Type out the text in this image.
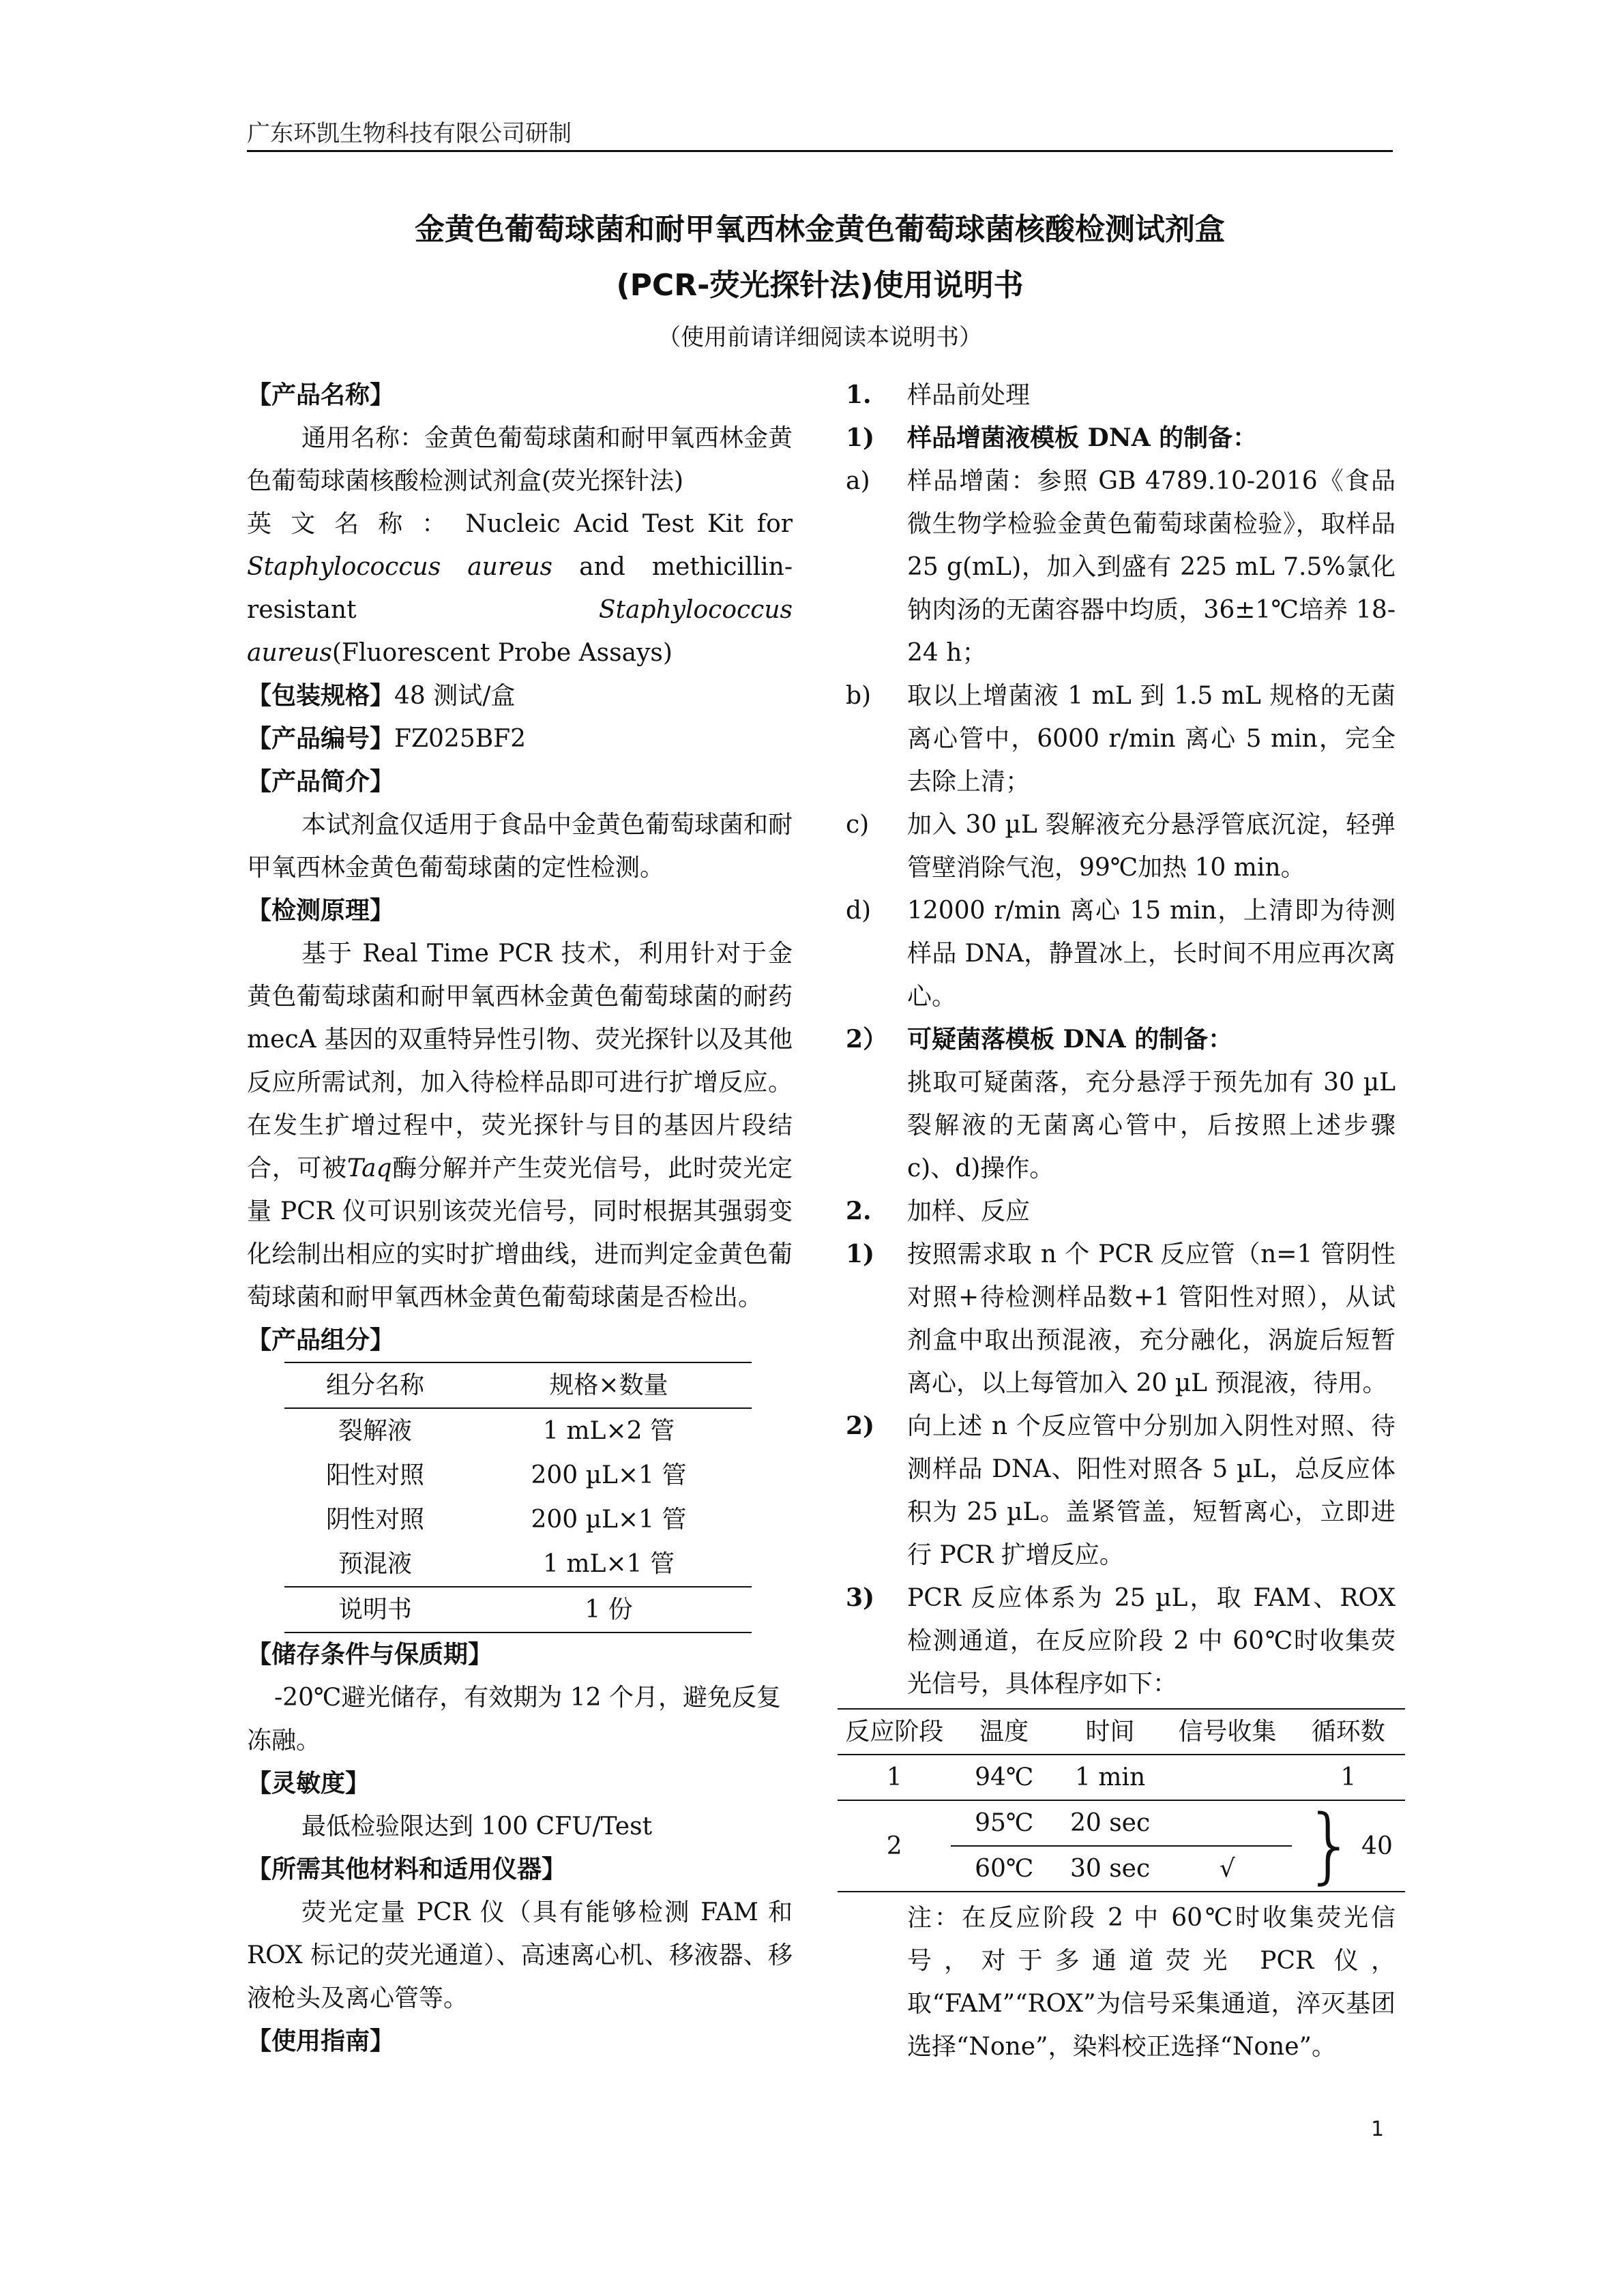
广东环凯生物科技有限公司研制
金黄色葡萄球菌和耐甲氧西林金黄色葡萄球菌核酸检测试剂盒
(PCR-荧光探针法)使用说明书
（使用前请详细阅读本说明书）

【产品名称】

通用名称：金黄色葡萄球菌和耐甲氧西林金黄色葡萄球菌核酸检测试剂盒(荧光探针法)

英 文 名 称 ： Nucleic Acid Test Kit for Staphylococcus aureus and methicillin-resistant	Staphylococcus aureus(Fluorescent Probe Assays)

【包装规格】48 测试/盒

【产品编号】FZ025BF2

【产品简介】

本试剂盒仅适用于食品中金黄色葡萄球菌和耐甲氧西林金黄色葡萄球菌的定性检测。

【检测原理】

基于 Real Time PCR 技术，利用针对于金黄色葡萄球菌和耐甲氧西林金黄色葡萄球菌的耐药 mecA 基因的双重特异性引物、荧光探针以及其他反应所需试剂，加入待检样品即可进行扩增反应。在发生扩增过程中，荧光探针与目的基因片段结合，可被Taq酶分解并产生荧光信号，此时荧光定量 PCR 仪可识别该荧光信号，同时根据其强弱变化绘制出相应的实时扩增曲线，进而判定金黄色葡萄球菌和耐甲氧西林金黄色葡萄球菌是否检出。

【产品组分】

组分名称	规格×数量
裂解液	1 mL×2 管
阳性对照	200 µL×1 管
阴性对照	200 µL×1 管
预混液	1 mL×1 管
说明书	1 份

【储存条件与保质期】

-20℃避光储存，有效期为 12 个月，避免反复冻融。

【灵敏度】

最低检验限达到 100 CFU/Test

【所需其他材料和适用仪器】

荧光定量 PCR 仪（具有能够检测 FAM 和 ROX 标记的荧光通道）、高速离心机、移液器、移液枪头及离心管等。

【使用指南】

1.	样品前处理
1)	样品增菌液模板 DNA 的制备：
a)	样品增菌：参照 GB 4789.10-2016《食品微生物学检验金黄色葡萄球菌检验》，取样品 25 g(mL)，加入到盛有 225 mL 7.5%氯化钠肉汤的无菌容器中均质，36±1℃培养 18-24 h；
b)	取以上增菌液 1 mL 到 1.5 mL 规格的无菌离心管中，6000 r/min 离心 5 min，完全去除上清；
c)	加入 30 µL 裂解液充分悬浮管底沉淀，轻弹管壁消除气泡，99℃加热 10 min。
d)	12000 r/min 离心 15 min，上清即为待测样品 DNA，静置冰上，长时间不用应再次离心。
2） 可疑菌落模板 DNA 的制备：

挑取可疑菌落，充分悬浮于预先加有 30 µL 裂解液的无菌离心管中，后按照上述步骤 c)、d)操作。

2.	加样、反应
1)	按照需求取 n 个 PCR 反应管（n=1 管阴性对照+待检测样品数+1 管阳性对照），从试剂盒中取出预混液，充分融化，涡旋后短暂离心，以上每管加入 20 µL 预混液，待用。
2)	向上述 n 个反应管中分别加入阴性对照、待测样品 DNA、阳性对照各 5 µL，总反应体积为 25 µL。盖紧管盖，短暂离心，立即进行 PCR 扩增反应。
3)	PCR 反应体系为 25 µL，取 FAM、ROX 检测通道，在反应阶段 2 中 60℃时收集荧光信号，具体程序如下：
反应阶段	温度	时间	信号收集	循环数
1	94℃	1 min		1
2	95℃	20 sec		} 40
	60℃	30 sec	√	

注：在反应阶段 2 中 60℃时收集荧光信号，对于多通道荧光 PCR 仪，取“FAM”“ROX”为信号采集通道，淬灭基团选择“None”，染料校正选择“None”。

1
